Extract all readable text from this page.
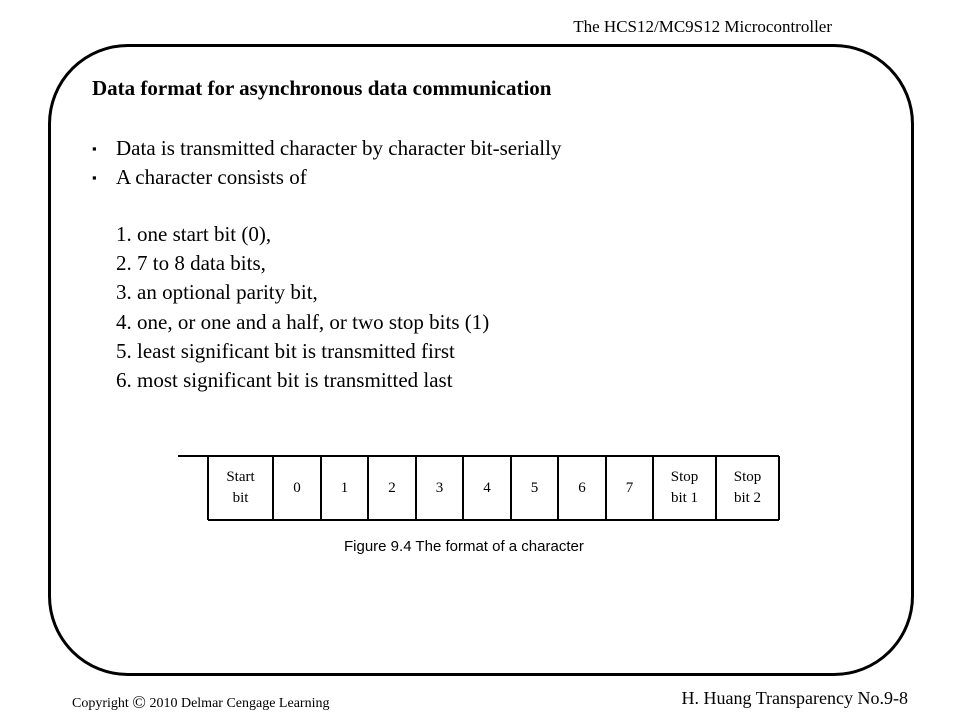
The HCS12/MC9S12 Microcontroller
Data format for asynchronous data communication
▪ Data is transmitted character by character bit-serially
▪ A character consists of
1. one start bit (0),
2. 7 to 8 data bits,
3. an optional parity bit,
4. one, or one and a half, or two stop bits (1)
5. least significant bit is transmitted first
6. most significant bit is transmitted last
Start
bit
0	1	2	3	4	5	6	7
Stop
bit 1
Stop
bit 2
Figure 9.4 The format of a character
Copyright © 2010 Delmar Cengage Learning	H. Huang Transparency No.9-8
